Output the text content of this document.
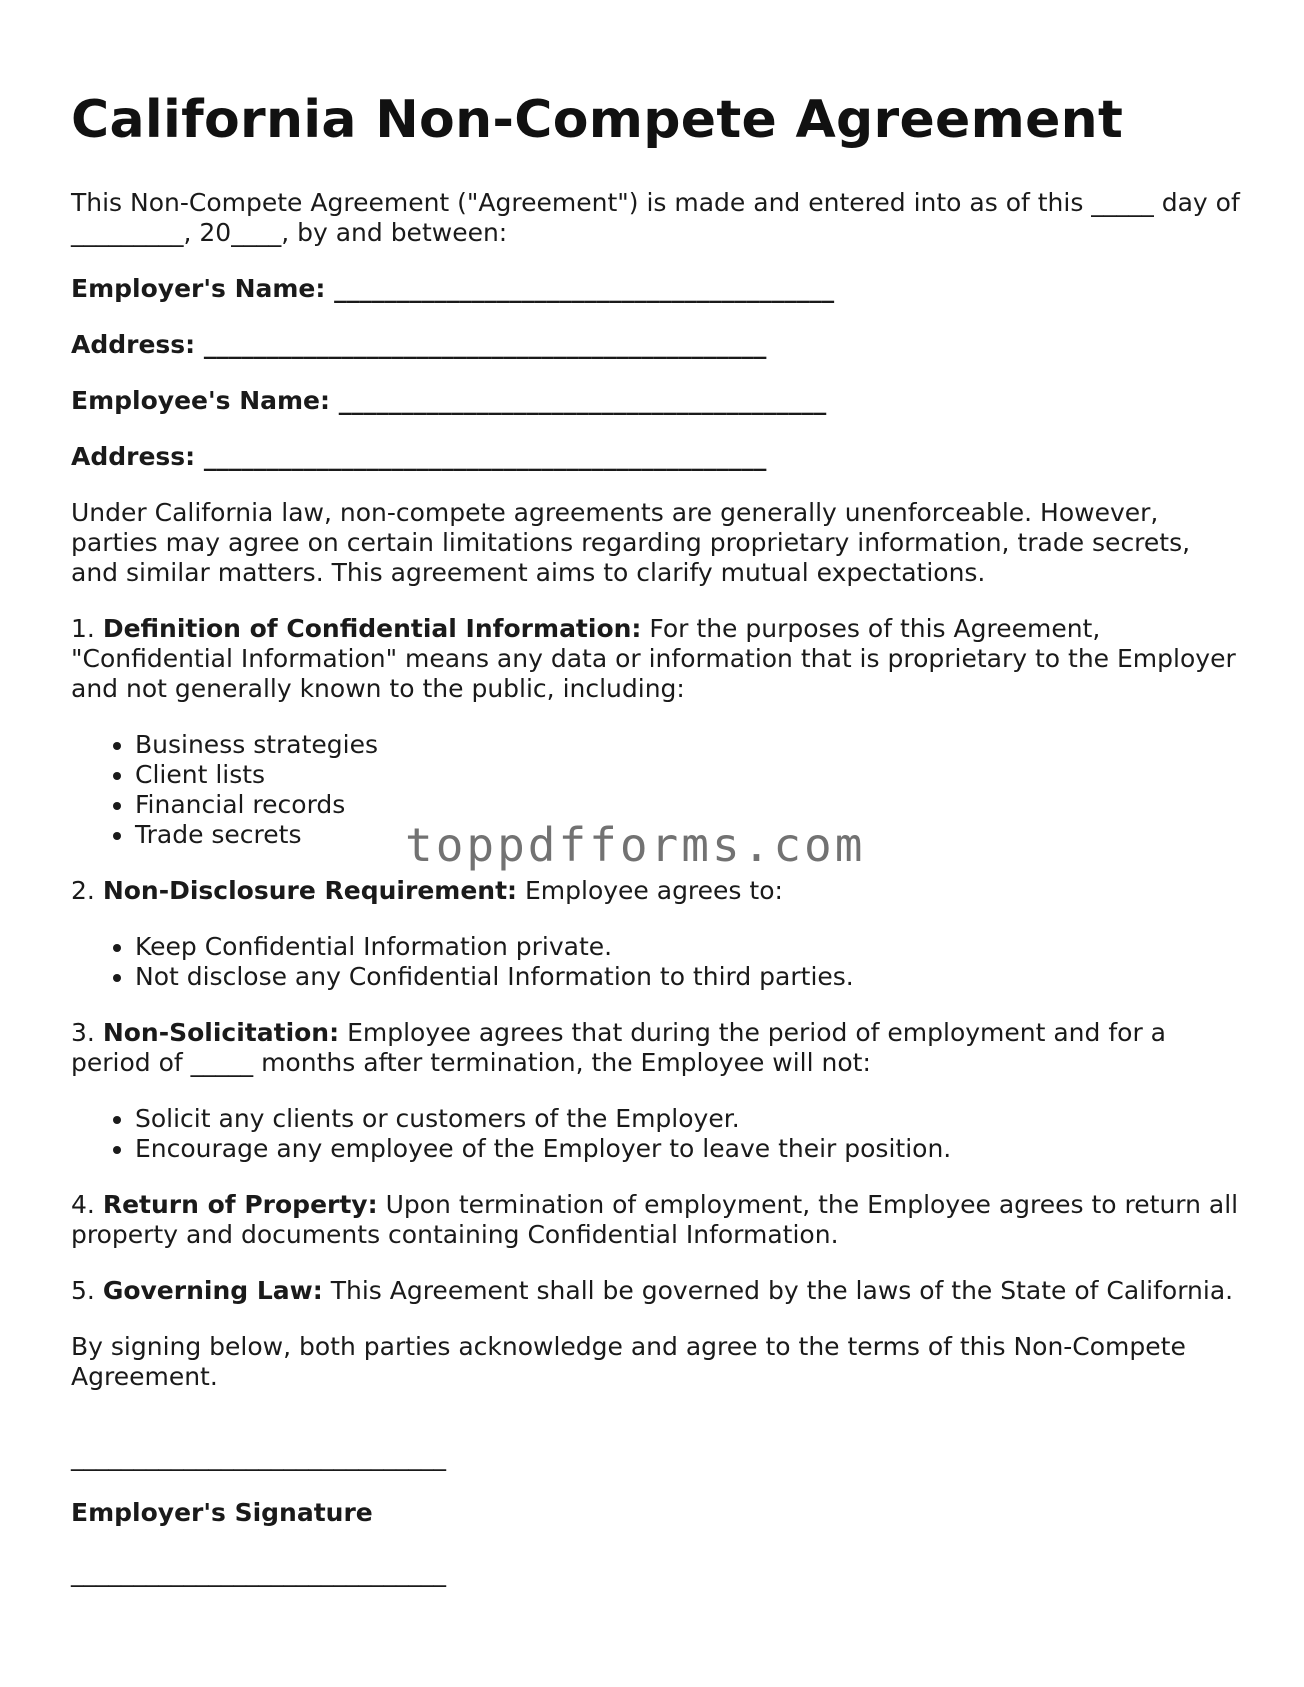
California Non-Compete Agreement

This Non-Compete Agreement ("Agreement") is made and entered into as of this _____ day of _________, 20____, by and between:

Employer's Name: ________________________________________

Address: _____________________________________________

Employee's Name: _______________________________________

Address: _____________________________________________

Under California law, non-compete agreements are generally unenforceable. However, parties may agree on certain limitations regarding proprietary information, trade secrets, and similar matters. This agreement aims to clarify mutual expectations.

1. Definition of Confidential Information: For the purposes of this Agreement, "Confidential Information" means any data or information that is proprietary to the Employer and not generally known to the public, including:

• Business strategies
• Client lists
• Financial records
• Trade secrets

2. Non-Disclosure Requirement: Employee agrees to:

• Keep Confidential Information private.
• Not disclose any Confidential Information to third parties.

3. Non-Solicitation: Employee agrees that during the period of employment and for a period of _____ months after termination, the Employee will not:

• Solicit any clients or customers of the Employer.
• Encourage any employee of the Employer to leave their position.

4. Return of Property: Upon termination of employment, the Employee agrees to return all property and documents containing Confidential Information.

5. Governing Law: This Agreement shall be governed by the laws of the State of California.

By signing below, both parties acknowledge and agree to the terms of this Non-Compete Agreement.

______________________________

Employer's Signature

______________________________

toppdfforms.com
